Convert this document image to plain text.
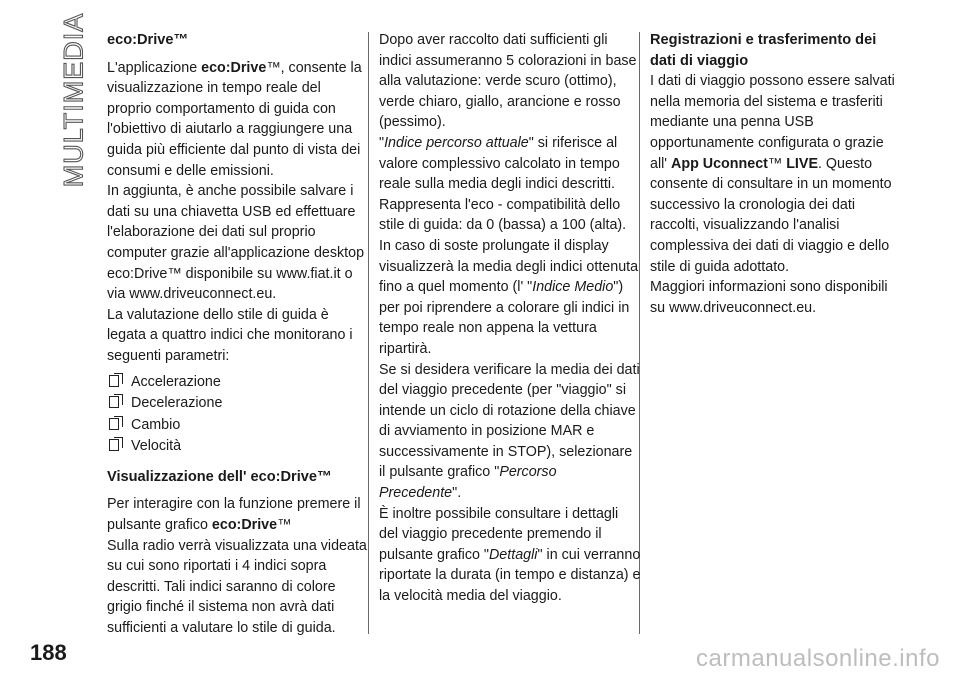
MULTIMEDIA
188

eco:Drive™

L'applicazione eco:Drive™, consente la visualizzazione in tempo reale del proprio comportamento di guida con l'obiettivo di aiutarlo a raggiungere una guida più efficiente dal punto di vista dei consumi e delle emissioni.

In aggiunta, è anche possibile salvare i dati su una chiavetta USB ed effettuare l'elaborazione dei dati sul proprio computer grazie all'applicazione desktop eco:Drive™ disponibile su www.fiat.it o via www.driveuconnect.eu.

La valutazione dello stile di guida è legata a quattro indici che monitorano i seguenti parametri:

Accelerazione
Decelerazione
Cambio
Velocità

Visualizzazione dell' eco:Drive™

Per interagire con la funzione premere il pulsante grafico eco:Drive™

Sulla radio verrà visualizzata una videata su cui sono riportati i 4 indici sopra descritti. Tali indici saranno di colore grigio finché il sistema non avrà dati sufficienti a valutare lo stile di guida.

Dopo aver raccolto dati sufficienti gli indici assumeranno 5 colorazioni in base alla valutazione: verde scuro (ottimo), verde chiaro, giallo, arancione e rosso (pessimo).

"Indice percorso attuale" si riferisce al valore complessivo calcolato in tempo reale sulla media degli indici descritti.

Rappresenta l'eco - compatibilità dello stile di guida: da 0 (bassa) a 100 (alta).

In caso di soste prolungate il display visualizzerà la media degli indici ottenuta fino a quel momento (l' "Indice Medio") per poi riprendere a colorare gli indici in tempo reale non appena la vettura ripartirà.

Se si desidera verificare la media dei dati del viaggio precedente (per "viaggio" si intende un ciclo di rotazione della chiave di avviamento in posizione MAR e successivamente in STOP), selezionare il pulsante grafico "Percorso Precedente".

È inoltre possibile consultare i dettagli del viaggio precedente premendo il pulsante grafico "Dettagli" in cui verranno riportate la durata (in tempo e distanza) e la velocità media del viaggio.

Registrazioni e trasferimento dei dati di viaggio

I dati di viaggio possono essere salvati nella memoria del sistema e trasferiti mediante una penna USB opportunamente configurata o grazie all' App Uconnect™ LIVE. Questo consente di consultare in un momento successivo la cronologia dei dati raccolti, visualizzando l'analisi complessiva dei dati di viaggio e dello stile di guida adottato.

Maggiori informazioni sono disponibili su www.driveuconnect.eu.

carmanualsonline.info
